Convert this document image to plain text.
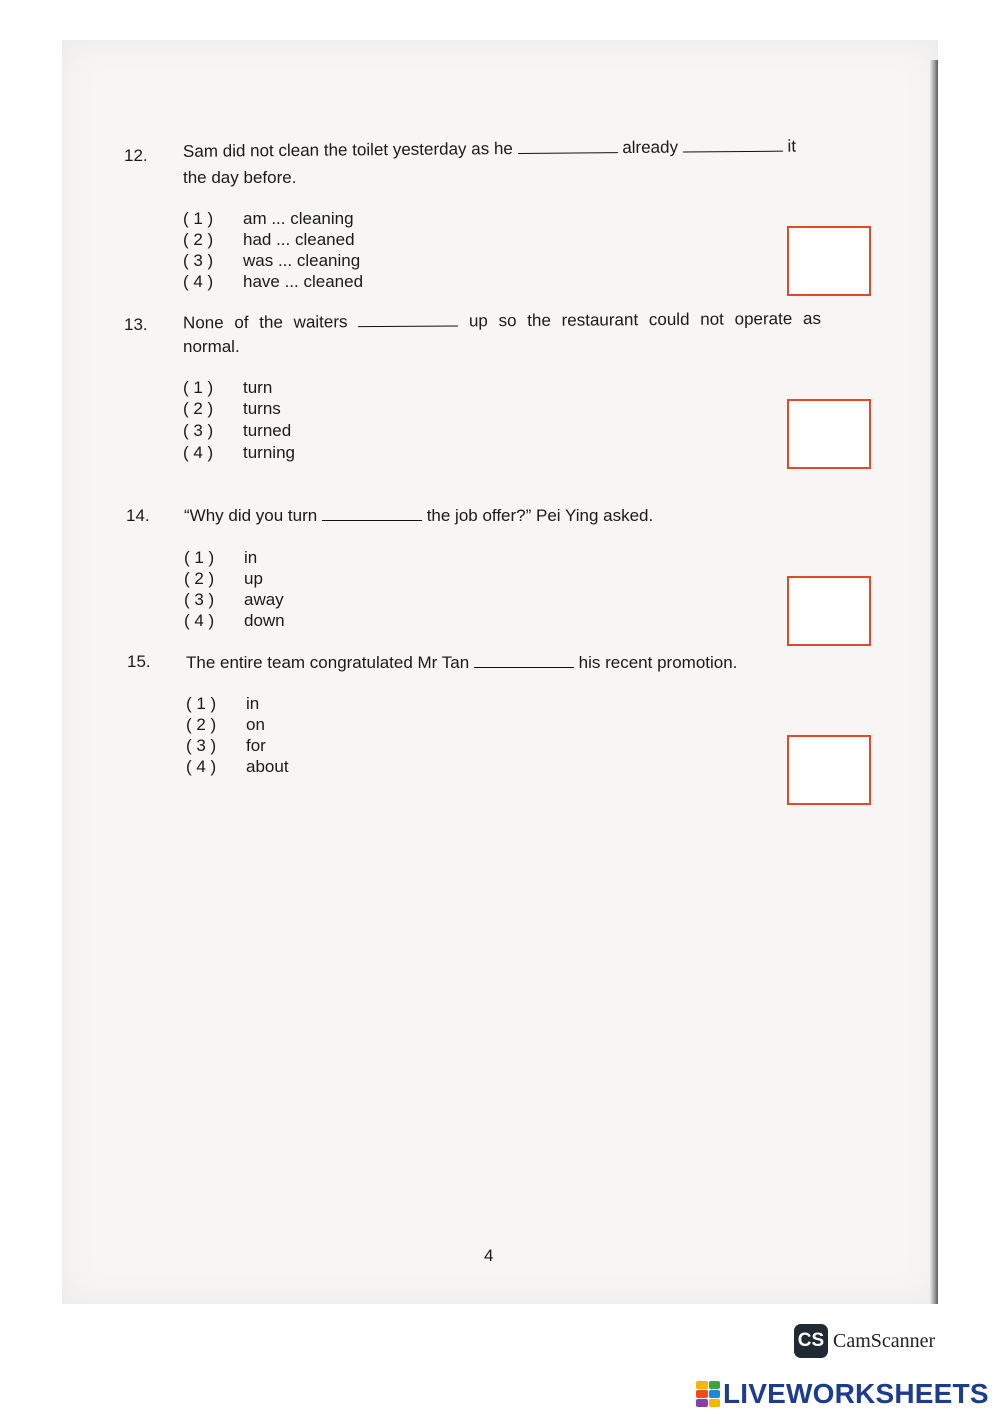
12. Sam did not clean the toilet yesterday as he	already	it
the day before.
( 1 )	am ... cleaning
( 2 )	had ... cleaned
( 3 )	was ... cleaning
( 4 )	have ... cleaned
13. None of the waiters	up so the restaurant could not operate as
normal.
( 1 )	turn
( 2 )	turns
( 3 )	turned
( 4 )	turning
14. “Why did you turn	the job offer?” Pei Ying asked.
( 1 )	in
( 2 )	up
( 3 )	away
( 4 )	down
15. The entire team congratulated Mr Tan	his recent promotion.
( 1 )	in
( 2 )	on
( 3 )	for
( 4 )	about
4
CS CamScanner
LIVEWORKSHEETS
